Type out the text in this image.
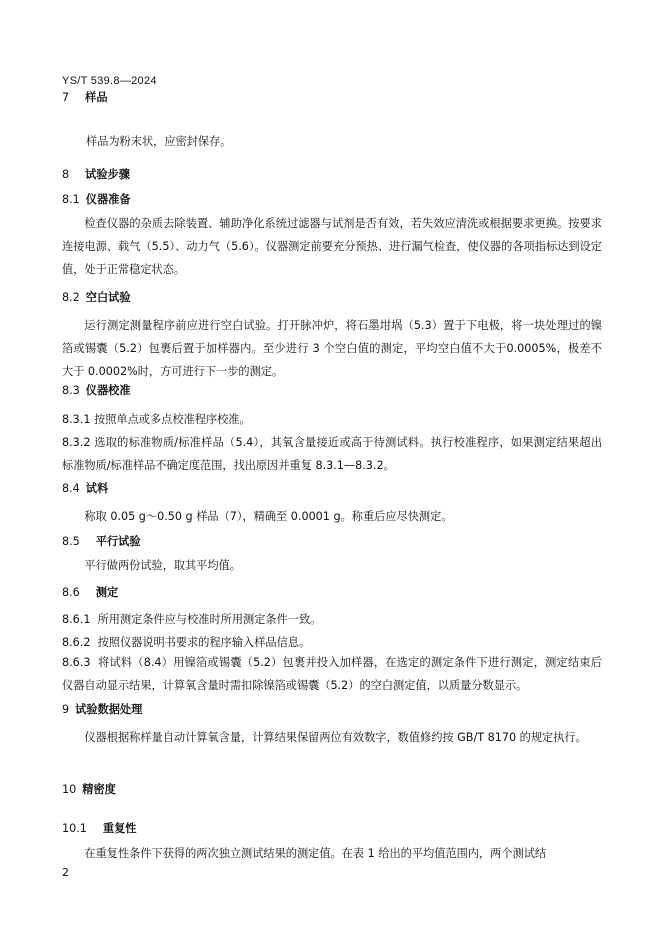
YS/T 539.8—2024
7 样品
样品为粉末状，应密封保存。
8 试验步骤
8.1 仪器准备
检查仪器的杂质去除装置、辅助净化系统过滤器与试剂是否有效，若失效应清洗或根据要求更换。按要求连接电源、载气（5.5）、动力气（5.6）。仪器测定前要充分预热、进行漏气检查，使仪器的各项指标达到设定值，处于正常稳定状态。
8.2 空白试验
运行测定测量程序前应进行空白试验。打开脉冲炉，将石墨坩埚（5.3）置于下电极，将一块处理过的镍箔或锡囊（5.2）包裹后置于加样器内。至少进行 3 个空白值的测定，平均空白值不大于0.0005%，极差不大于 0.0002%时，方可进行下一步的测定。
8.3 仪器校准
8.3.1 按照单点或多点校准程序校准。
8.3.2 选取的标准物质/标准样品（5.4），其氧含量接近或高于待测试料。执行校准程序，如果测定结果超出标准物质/标准样品不确定度范围，找出原因并重复 8.3.1—8.3.2。
8.4 试料
称取 0.05 g～0.50 g 样品（7），精确至 0.0001 g。称重后应尽快测定。
8.5 平行试验
平行做两份试验，取其平均值。
8.6 测定
8.6.1 所用测定条件应与校准时所用测定条件一致。
8.6.2 按照仪器说明书要求的程序输入样品信息。
8.6.3 将试料（8.4）用镍箔或锡囊（5.2）包裹并投入加样器，在选定的测定条件下进行测定，测定结束后仪器自动显示结果，计算氧含量时需扣除镍箔或锡囊（5.2）的空白测定值，以质量分数显示。
9 试验数据处理
仪器根据称样量自动计算氧含量，计算结果保留两位有效数字，数值修约按 GB/T 8170 的规定执行。
10 精密度
10.1 重复性
在重复性条件下获得的两次独立测试结果的测定值。在表 1 给出的平均值范围内，两个测试结
2
